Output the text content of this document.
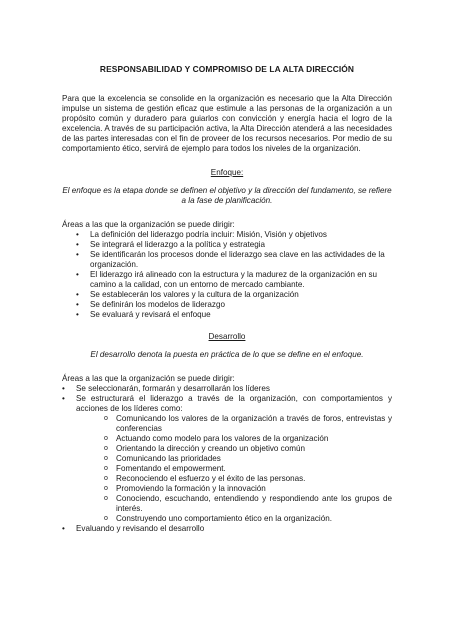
RESPONSABILIDAD Y COMPROMISO DE LA ALTA DIRECCIÓN

Para que la excelencia se consolide en la organización es necesario que la Alta Dirección impulse un sistema de gestión eficaz que estimule a las personas de la organización a un propósito común y duradero para guiarlos con convicción y energía hacia el logro de la excelencia. A través de su participación activa, la Alta Dirección atenderá a las necesidades de las partes interesadas con el fin de proveer de los recursos necesarios. Por medio de su comportamiento ético, servirá de ejemplo para todos los niveles de la organización.

Enfoque:
El enfoque es la etapa donde se definen el objetivo y la dirección del fundamento, se refiere a la fase de planificación.

Áreas a las que la organización se puede dirigir:

• La definición del liderazgo podría incluir: Misión, Visión y objetivos
• Se integrará el liderazgo a la política y estrategia
• Se identificarán los procesos donde el liderazgo sea clave en las actividades de la organización.
• El liderazgo irá alineado con la estructura y la madurez de la organización en su camino a la calidad, con un entorno de mercado cambiante.
• Se establecerán los valores y la cultura de la organización
• Se definirán los modelos de liderazgo
• Se evaluará y revisará el enfoque
Desarrollo
El desarrollo denota la puesta en práctica de lo que se define en el enfoque.

Áreas a las que la organización se puede dirigir:

• Se seleccionarán, formarán y desarrollarán los líderes
• Se estructurará el liderazgo a través de la organización, con comportamientos y acciones de los líderes como:
o Comunicando los valores de la organización a través de foros, entrevistas y conferencias
o Actuando como modelo para los valores de la organización
o Orientando la dirección y creando un objetivo común
o Comunicando las prioridades
o Fomentando el empowerment.
o Reconociendo el esfuerzo y el éxito de las personas.
o Promoviendo la formación y la innovación
o Conociendo, escuchando, entendiendo y respondiendo ante los grupos de interés.
o Construyendo uno comportamiento ético en la organización.
• Evaluando y revisando el desarrollo
